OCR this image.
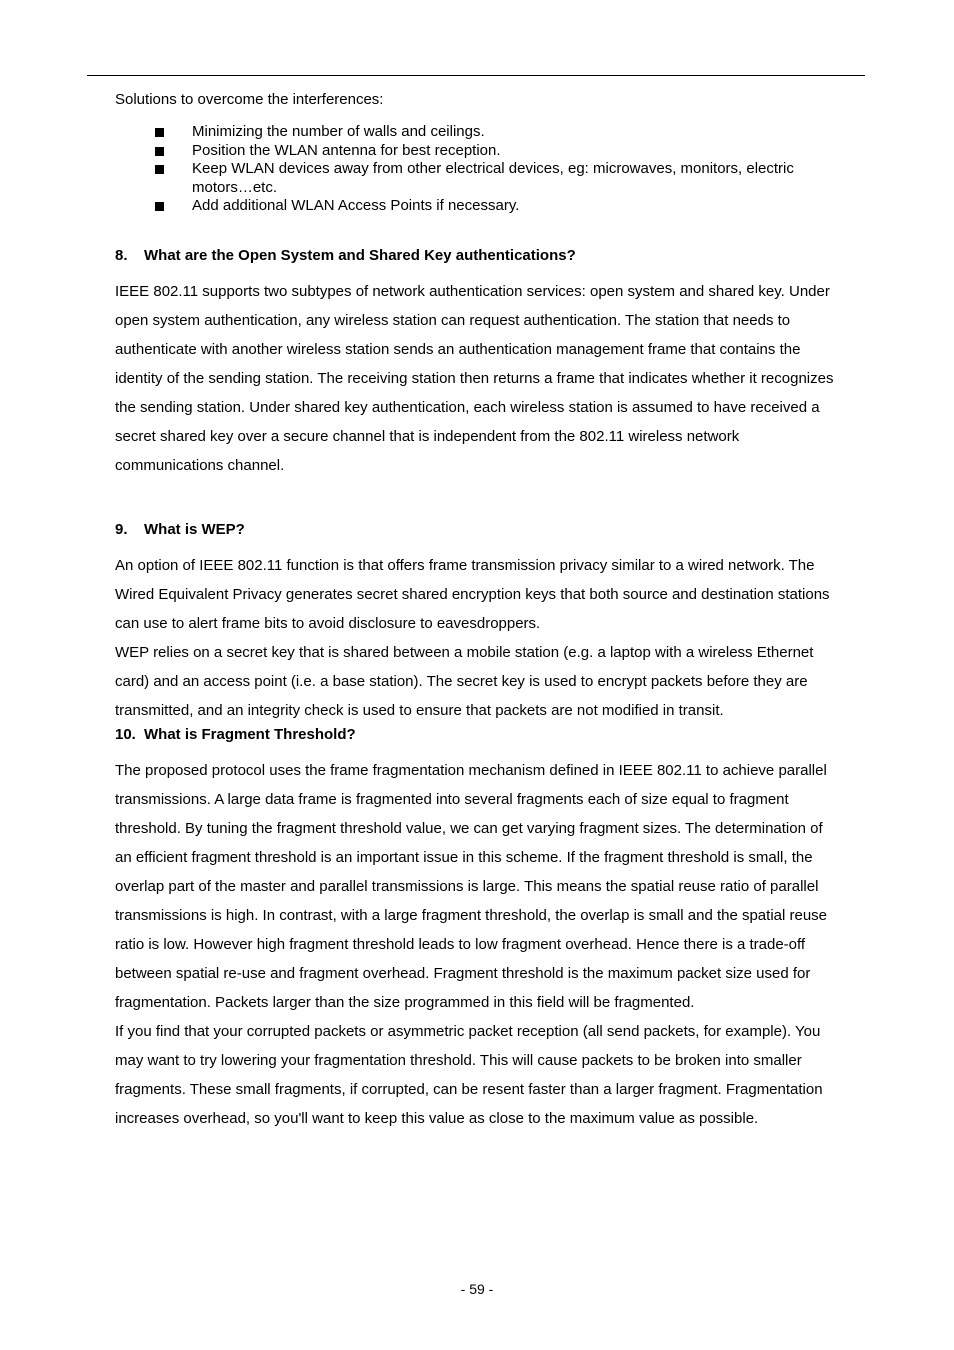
Solutions to overcome the interferences:

Minimizing the number of walls and ceilings.
Position the WLAN antenna for best reception.
Keep WLAN devices away from other electrical devices, eg: microwaves, monitors, electric motors…etc.
Add additional WLAN Access Points if necessary.
8.	What are the Open System and Shared Key authentications?

IEEE 802.11 supports two subtypes of network authentication services: open system and shared key. Under open system authentication, any wireless station can request authentication. The station that needs to authenticate with another wireless station sends an authentication management frame that contains the identity of the sending station. The receiving station then returns a frame that indicates whether it recognizes the sending station. Under shared key authentication, each wireless station is assumed to have received a secret shared key over a secure channel that is independent from the 802.11 wireless network communications channel.

9.	What is WEP?

An option of IEEE 802.11 function is that offers frame transmission privacy similar to a wired network. The Wired Equivalent Privacy generates secret shared encryption keys that both source and destination stations can use to alert frame bits to avoid disclosure to eavesdroppers.

WEP relies on a secret key that is shared between a mobile station (e.g. a laptop with a wireless Ethernet card) and an access point (i.e. a base station). The secret key is used to encrypt packets before they are transmitted, and an integrity check is used to ensure that packets are not modified in transit.

10. What is Fragment Threshold?

The proposed protocol uses the frame fragmentation mechanism defined in IEEE 802.11 to achieve parallel transmissions. A large data frame is fragmented into several fragments each of size equal to fragment threshold. By tuning the fragment threshold value, we can get varying fragment sizes. The determination of an efficient fragment threshold is an important issue in this scheme. If the fragment threshold is small, the overlap part of the master and parallel transmissions is large. This means the spatial reuse ratio of parallel transmissions is high. In contrast, with a large fragment threshold, the overlap is small and the spatial reuse ratio is low. However high fragment threshold leads to low fragment overhead. Hence there is a trade-off between spatial re-use and fragment overhead. Fragment threshold is the maximum packet size used for fragmentation. Packets larger than the size programmed in this field will be fragmented.

If you find that your corrupted packets or asymmetric packet reception (all send packets, for example). You may want to try lowering your fragmentation threshold. This will cause packets to be broken into smaller fragments. These small fragments, if corrupted, can be resent faster than a larger fragment. Fragmentation increases overhead, so you'll want to keep this value as close to the maximum value as possible.

- 59 -
